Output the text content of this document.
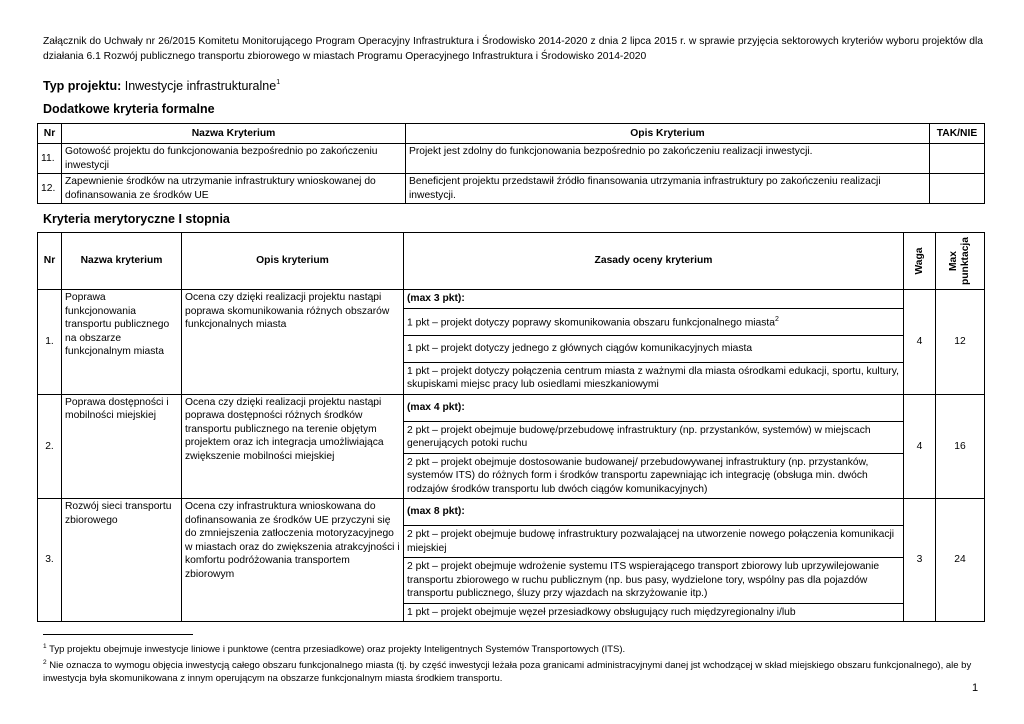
Załącznik do Uchwały nr 26/2015 Komitetu Monitorującego Program Operacyjny Infrastruktura i Środowisko 2014-2020 z dnia 2 lipca 2015 r. w sprawie przyjęcia sektorowych kryteriów wyboru projektów dla działania 6.1 Rozwój publicznego transportu zbiorowego w miastach Programu Operacyjnego Infrastruktura i Środowisko 2014-2020
Typ projektu: Inwestycje infrastrukturalne$^1$
Dodatkowe kryteria formalne
Nr	Nazwa Kryterium	Opis Kryterium	TAK/NIE
11.	Gotowość projektu do funkcjonowania bezpośrednio po zakończeniu inwestycji	Projekt jest zdolny do funkcjonowania bezpośrednio po zakończeniu realizacji inwestycji.	
12.	Zapewnienie środków na utrzymanie infrastruktury wnioskowanej do dofinansowania ze środków UE	Beneficjent projektu przedstawił źródło finansowania utrzymania infrastruktury po zakończeniu realizacji inwestycji.	
Kryteria merytoryczne I stopnia
Nr	Nazwa kryterium	Opis kryterium	Zasady oceny kryterium	Waga	Max punktacja

1.	Poprawa funkcjonowania transportu publicznego na obszarze funkcjonalnym miasta	Ocena czy dzięki realizacji projektu nastąpi poprawa skomunikowania różnych obszarów funkcjonalnych miasta	(max 3 pkt):	4	12
			1 pkt – projekt dotyczy poprawy skomunikowania obszaru funkcjonalnego miasta$^2$
			1 pkt – projekt dotyczy jednego z głównych ciągów komunikacyjnych miasta		
			1 pkt – projekt dotyczy połączenia centrum miasta z ważnymi dla miasta ośrodkami edukacji, sportu, kultury, skupiskami miejsc pracy lub osiedlami mieszkaniowymi		
2.	Poprawa dostępności i mobilności miejskiej	Ocena czy dzięki realizacji projektu nastąpi poprawa dostępności różnych środków transportu publicznego na terenie objętym projektem oraz ich integracja umożliwiająca zwiększenie mobilności miejskiej	(max 4 pkt):	4	16
			2 pkt – projekt obejmuje budowę/przebudowę infrastruktury (np. przystanków, systemów) w miejscach generujących potoki ruchu		
			2 pkt – projekt obejmuje dostosowanie budowanej/ przebudowywanej infrastruktury (np. przystanków, systemów ITS) do różnych form i środków transportu zapewniając ich integrację (obsługa min. dwóch rodzajów środków transportu lub dwóch ciągów komunikacyjnych)		
3.	Rozwój sieci transportu zbiorowego	Ocena czy infrastruktura wnioskowana do dofinansowania ze środków UE przyczyni się do zmniejszenia zatłoczenia motoryzacyjnego w miastach oraz do zwiększenia atrakcyjności i komfortu podróżowania transportem zbiorowym	(max 8 pkt):	3	24
			2 pkt – projekt obejmuje budowę infrastruktury pozwalającej na utworzenie nowego połączenia komunikacji miejskiej		
			2 pkt – projekt obejmuje wdrożenie systemu ITS wspierającego transport zbiorowy lub uprzywilejowanie transportu zbiorowego w ruchu publicznym (np. bus pasy, wydzielone tory, wspólny pas dla pojazdów transportu publicznego, śluzy przy wjazdach na skrzyżowanie itp.)		
			1 pkt – projekt obejmuje węzeł przesiadkowy obsługujący ruch międzyregionalny i/lub		
$^1$ Typ projektu obejmuje inwestycje liniowe i punktowe (centra przesiadkowe) oraz projekty Inteligentnych Systemów Transportowych (ITS).
$^2$ Nie oznacza to wymogu objęcia inwestycją całego obszaru funkcjonalnego miasta (tj. by część inwestycji leżała poza granicami administracyjnymi danej jst wchodzącej w skład miejskiego obszaru funkcjonalnego), ale by inwestycja była skomunikowana z innym operującym na obszarze funkcjonalnym miasta środkiem transportu.
1
